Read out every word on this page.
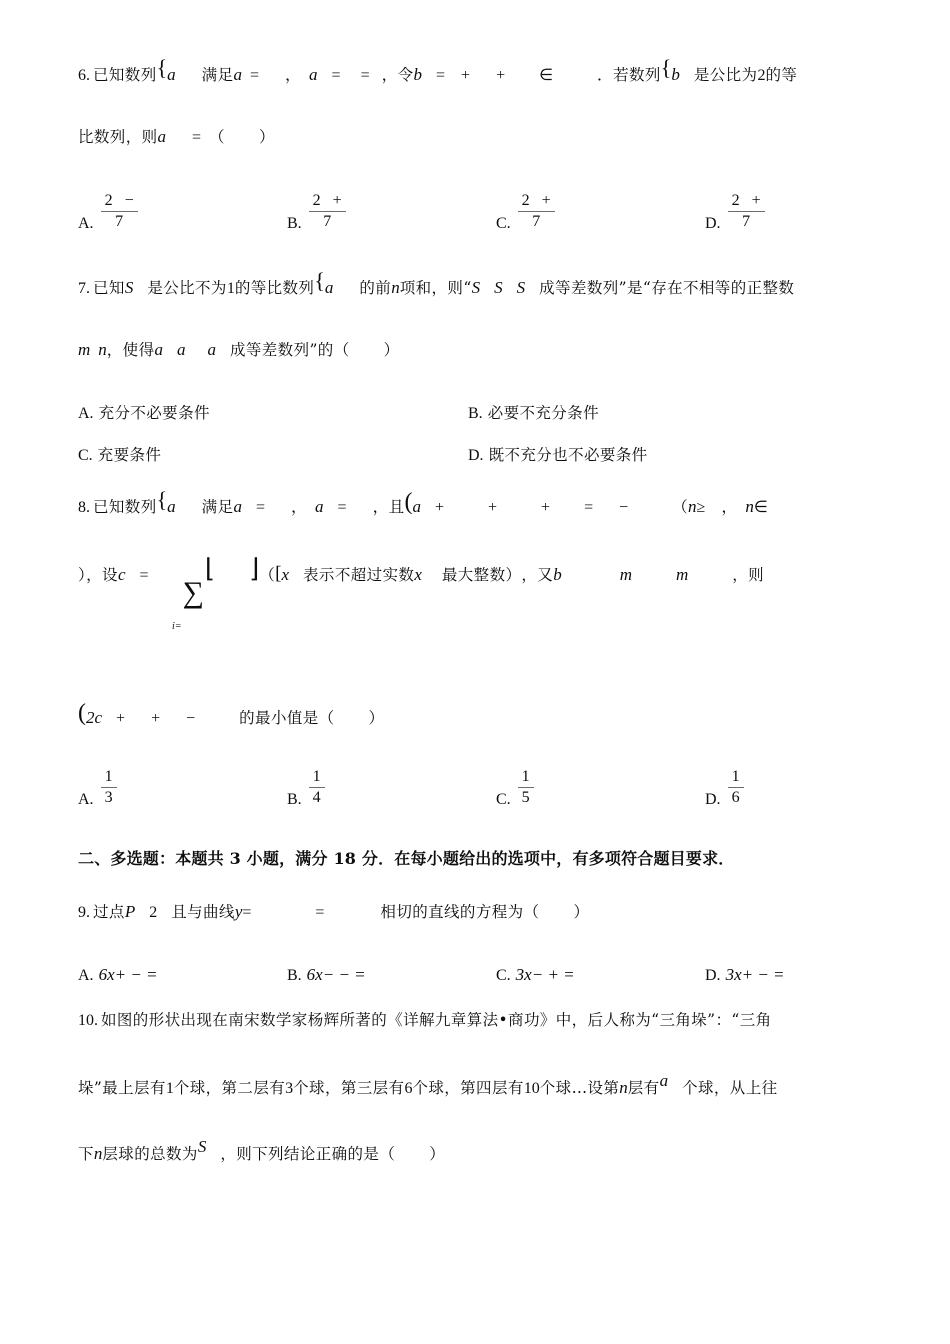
6. 已知数列 { a 满足 a = ， a = = ， 令 b = + + ∈	． 若数列 { b 是公比为 2 的等
比数列，则 a = （ ）
A. $\frac{2 -}{7}$	B. $\frac{2 +}{7}$	C. $\frac{2 +}{7}$	D. $\frac{2 +}{7}$
7. 已知 S 是公比不为 1 的等比数列 { a 的前 n 项和，则 “ S S S 成等差数列”是“存在不相等的正整数
m n ，使得 a a a 成等差数列”的（ ）
A. 充分不必要条件	B. 必要不充分条件
C. 充要条件	D. 既不充分也不必要条件
8. 已知数列 { a 满足 a = ， a = ， 且 ( a +	+	+ = −	（ n ≥ ， n ∈
），设 c =	∑

i=

⌊ ⌋ （ [ x 表示不超过实数 x 最大整数） ，又 b	m	m	，则
( 2c + + −	的最小值是（ ）
A. $\frac{1}{3}$	B. $\frac{1}{4}$	C. $\frac{1}{5}$	D. $\frac{1}{6}$
二、多选题：本题共 3 小题，满分 18 分．在每小题给出的选项中，有多项符合题目要求．
9. 过点 P 2 且与曲线 y =	=	相切的直线的方程为（ ）
A. 6x+ − =	B. 6x− − =	C. 3x− + =	D. 3x+ − =
10. 如图的形状出现在南宋数学家杨辉所著的《详解九章算法•商功》中，后人称为“三角垛”：“三角
垛”最上层有 1 个球，第二层有 3 个球，第三层有 6 个球，第四层有 10 个球…设第 n 层有 a 个球，从上往
下 n 层球的总数为 S ，则下列结论正确的是（ ）
